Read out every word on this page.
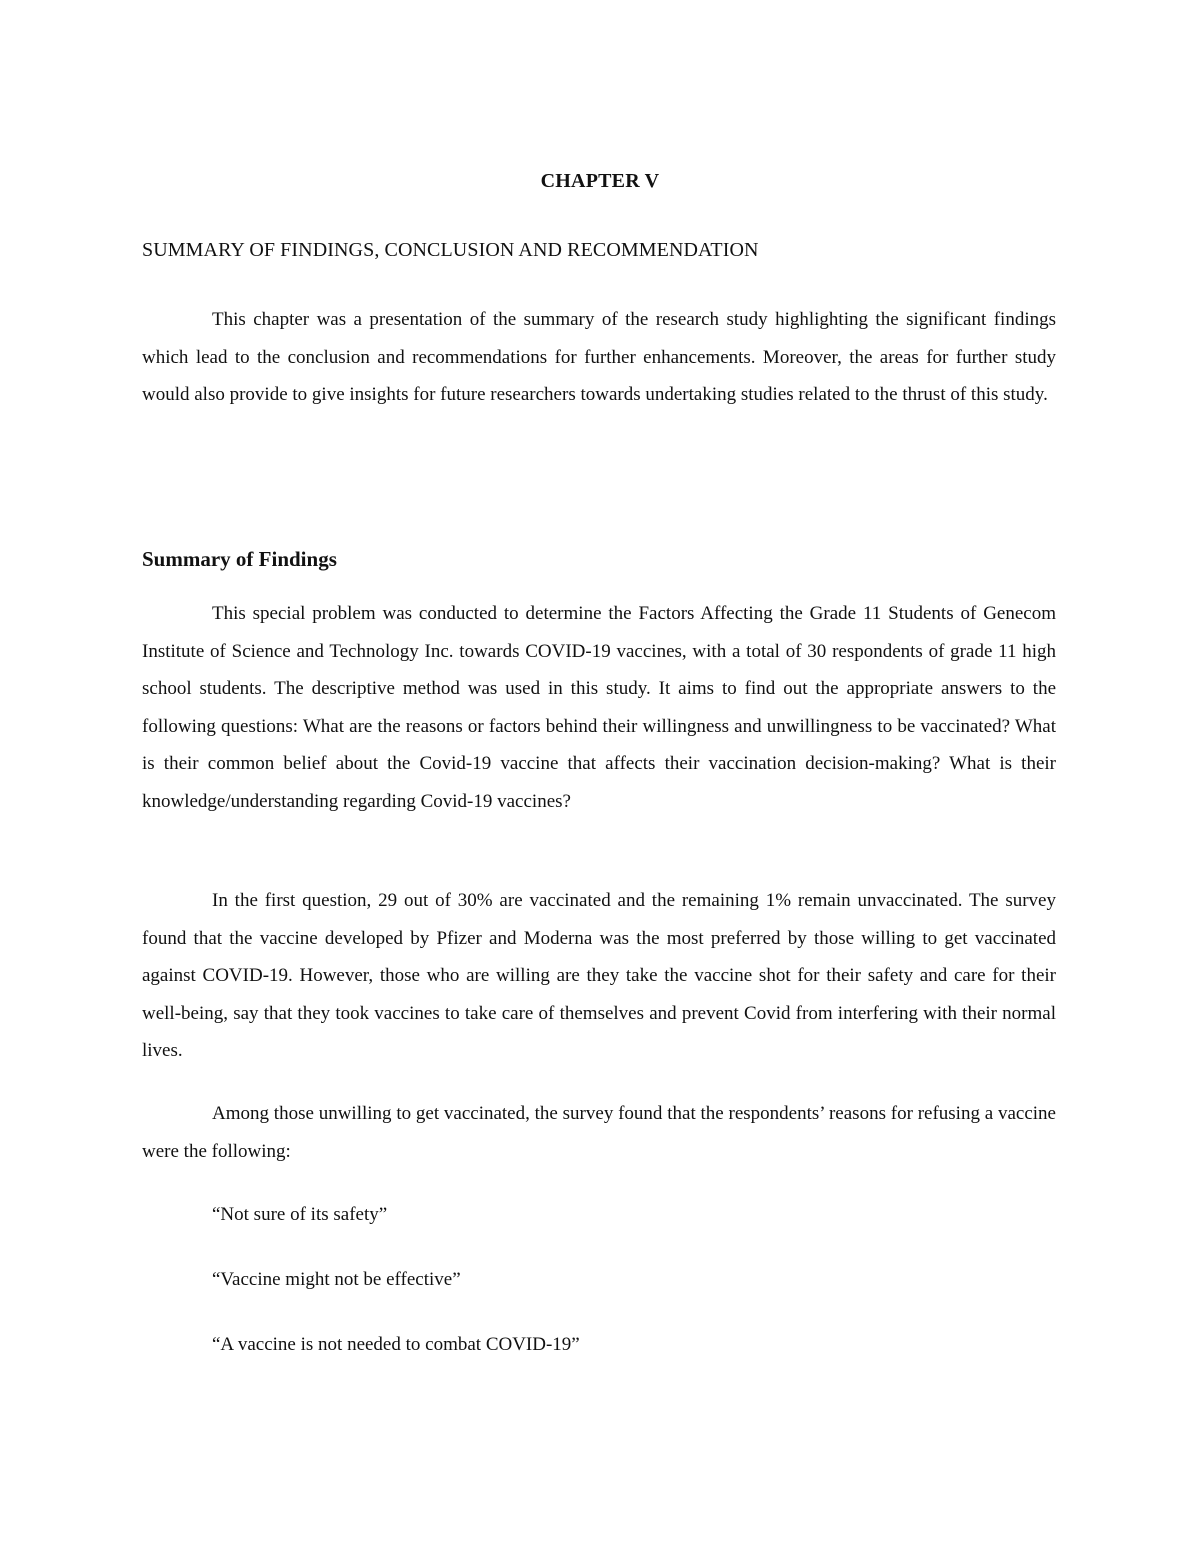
CHAPTER V
SUMMARY OF FINDINGS, CONCLUSION AND RECOMMENDATION

This chapter was a presentation of the summary of the research study highlighting the significant findings which lead to the conclusion and recommendations for further enhancements. Moreover, the areas for further study would also provide to give insights for future researchers towards undertaking studies related to the thrust of this study.

Summary of Findings

This special problem was conducted to determine the Factors Affecting the Grade 11 Students of Genecom Institute of Science and Technology Inc. towards COVID-19 vaccines, with a total of 30 respondents of grade 11 high school students. The descriptive method was used in this study. It aims to find out the appropriate answers to the following questions: What are the reasons or factors behind their willingness and unwillingness to be vaccinated? What is their common belief about the Covid-19 vaccine that affects their vaccination decision-making? What is their knowledge/understanding regarding Covid-19 vaccines?

In the first question, 29 out of 30% are vaccinated and the remaining 1% remain unvaccinated. The survey found that the vaccine developed by Pfizer and Moderna was the most preferred by those willing to get vaccinated against COVID-19. However, those who are willing are they take the vaccine shot for their safety and care for their well-being, say that they took vaccines to take care of themselves and prevent Covid from interfering with their normal lives.

Among those unwilling to get vaccinated, the survey found that the respondents’ reasons for refusing a vaccine were the following:

“Not sure of its safety”

“Vaccine might not be effective”

“A vaccine is not needed to combat COVID-19”
